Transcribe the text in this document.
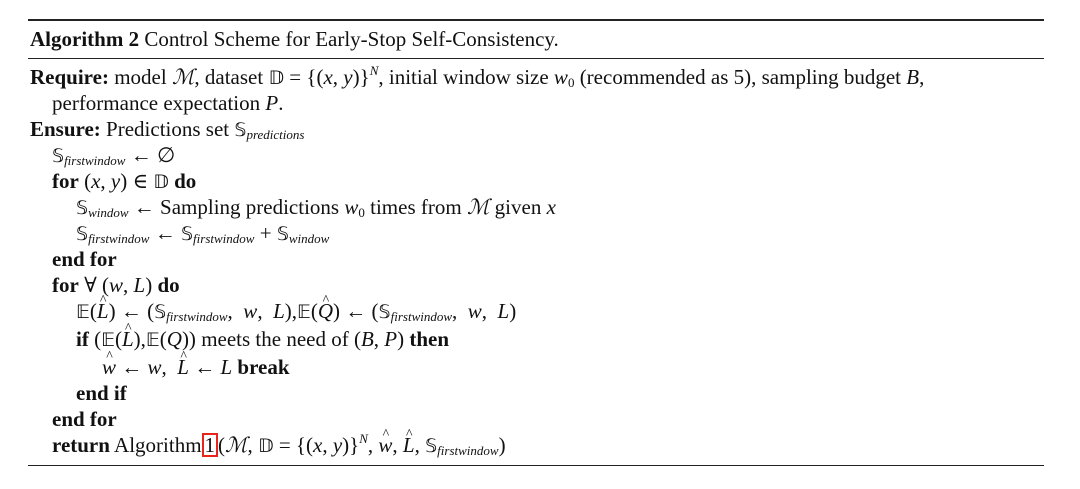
Algorithm 2 Control Scheme for Early-Stop Self-Consistency.
Require: model ℳ, dataset 𝔻 = {(x, y)}$^N$, initial window size $w_0$ (recommended as 5), sampling budget B,
performance expectation P.
Ensure: Predictions set 𝕊$_{predictions}$
𝕊$_{firstwindow}$ ← ∅
for (x, y) ∈ 𝔻 do
𝕊$_{window}$ ← Sampling predictions $w_0$ times from ℳ given x
𝕊$_{firstwindow}$ ← 𝕊$_{firstwindow}$ + 𝕊$_{window}$
end for
for ∀ (w, L) do
𝔼(^ L) ← (𝕊$_{firstwindow}$,  w,  L),𝔼(^ Q) ← (𝕊$_{firstwindow}$,  w,  L)
if (𝔼(^ L),𝔼(Q)) meets the need of (B, P) then
^ w ← w,  ^ L ← L break
end if
end for
return Algorithm 1 (ℳ, 𝔻 = {(x, y)}$^N$, ^ w, ^ L, 𝕊$_{firstwindow}$)
